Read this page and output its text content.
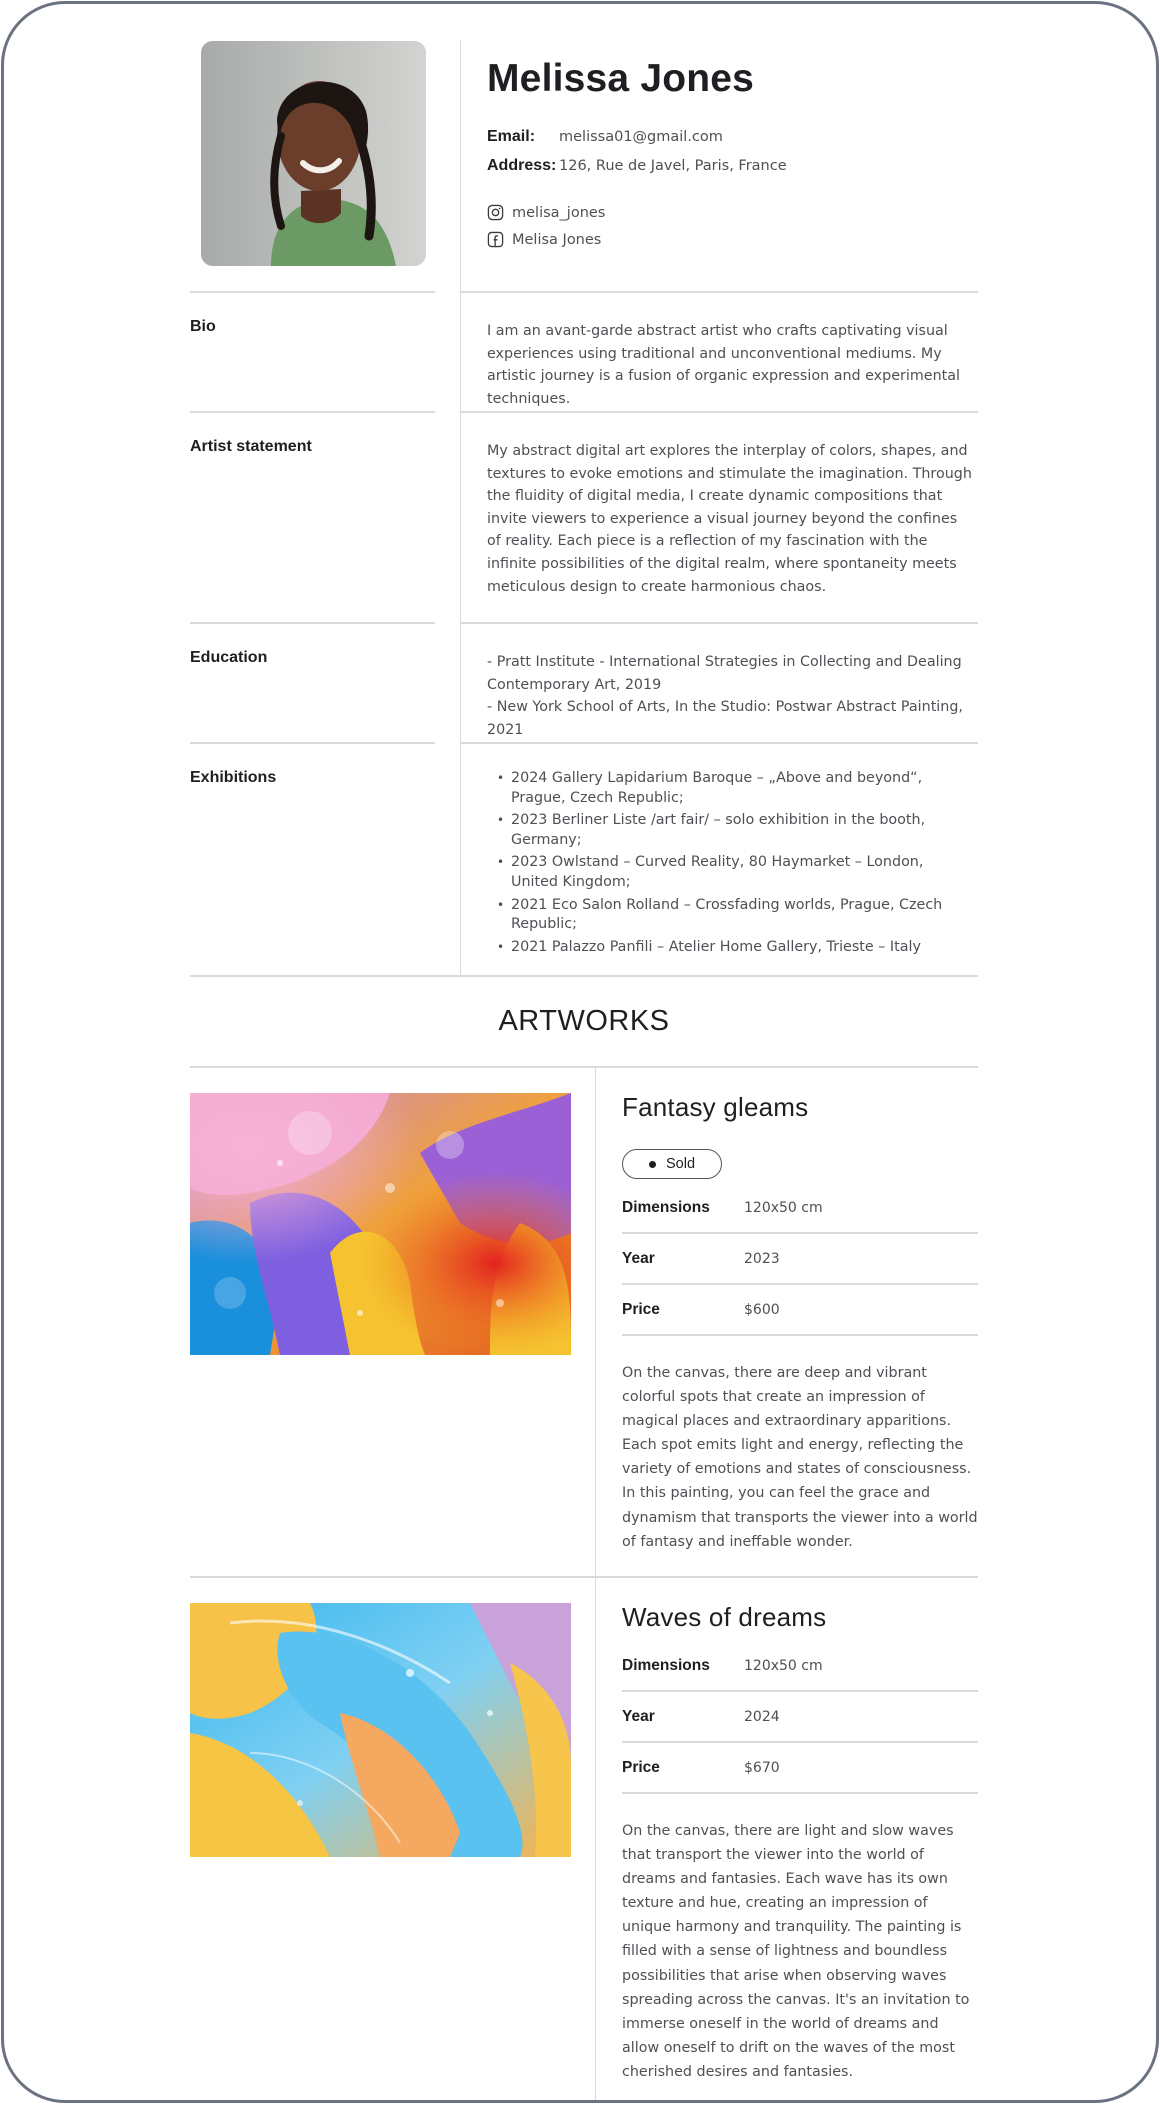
Melissa Jones
Email: melissa01@gmail.com
Address: 126, Rue de Javel, Paris, France
melisa_jones
Melisa Jones
Bio	I am an avant-garde abstract artist who crafts captivating visual experiences using traditional and unconventional mediums. My artistic journey is a fusion of organic expression and experimental techniques.
Artist statement	My abstract digital art explores the interplay of colors, shapes, and textures to evoke emotions and stimulate the imagination. Through the fluidity of digital media, I create dynamic compositions that invite viewers to experience a visual journey beyond the confines of reality. Each piece is a reflection of my fascination with the infinite possibilities of the digital realm, where spontaneity meets meticulous design to create harmonious chaos.
Education	- Pratt Institute - International Strategies in Collecting and Dealing Contemporary Art, 2019
- New York School of Arts, In the Studio: Postwar Abstract Painting, 2021
Exhibitions
•	2024 Gallery Lapidarium Baroque – „Above and beyond“, Prague, Czech Republic;
• 2023 Berliner Liste /art fair/ – solo exhibition in the booth, Germany;
• 2023 Owlstand – Curved Reality, 80 Haymarket – London, United Kingdom;
• 2021 Eco Salon Rolland – Crossfading worlds, Prague, Czech Republic;
• 2021 Palazzo Panfili – Atelier Home Gallery, Trieste – Italy
ARTWORKS
Fantasy gleams
Sold
Dimensions	120x50 cm
Year	2023
Price	$600
On the canvas, there are deep and vibrant colorful spots that create an impression of magical places and extraordinary apparitions. Each spot emits light and energy, reflecting the variety of emotions and states of consciousness. In this painting, you can feel the grace and dynamism that transports the viewer into a world of fantasy and ineffable wonder.
Waves of dreams
Dimensions	120x50 cm
Year	2024
Price	$670
On the canvas, there are light and slow waves that transport the viewer into the world of dreams and fantasies. Each wave has its own texture and hue, creating an impression of unique harmony and tranquility. The painting is filled with a sense of lightness and boundless possibilities that arise when observing waves spreading across the canvas. It's an invitation to immerse oneself in the world of dreams and allow oneself to drift on the waves of the most cherished desires and fantasies.
